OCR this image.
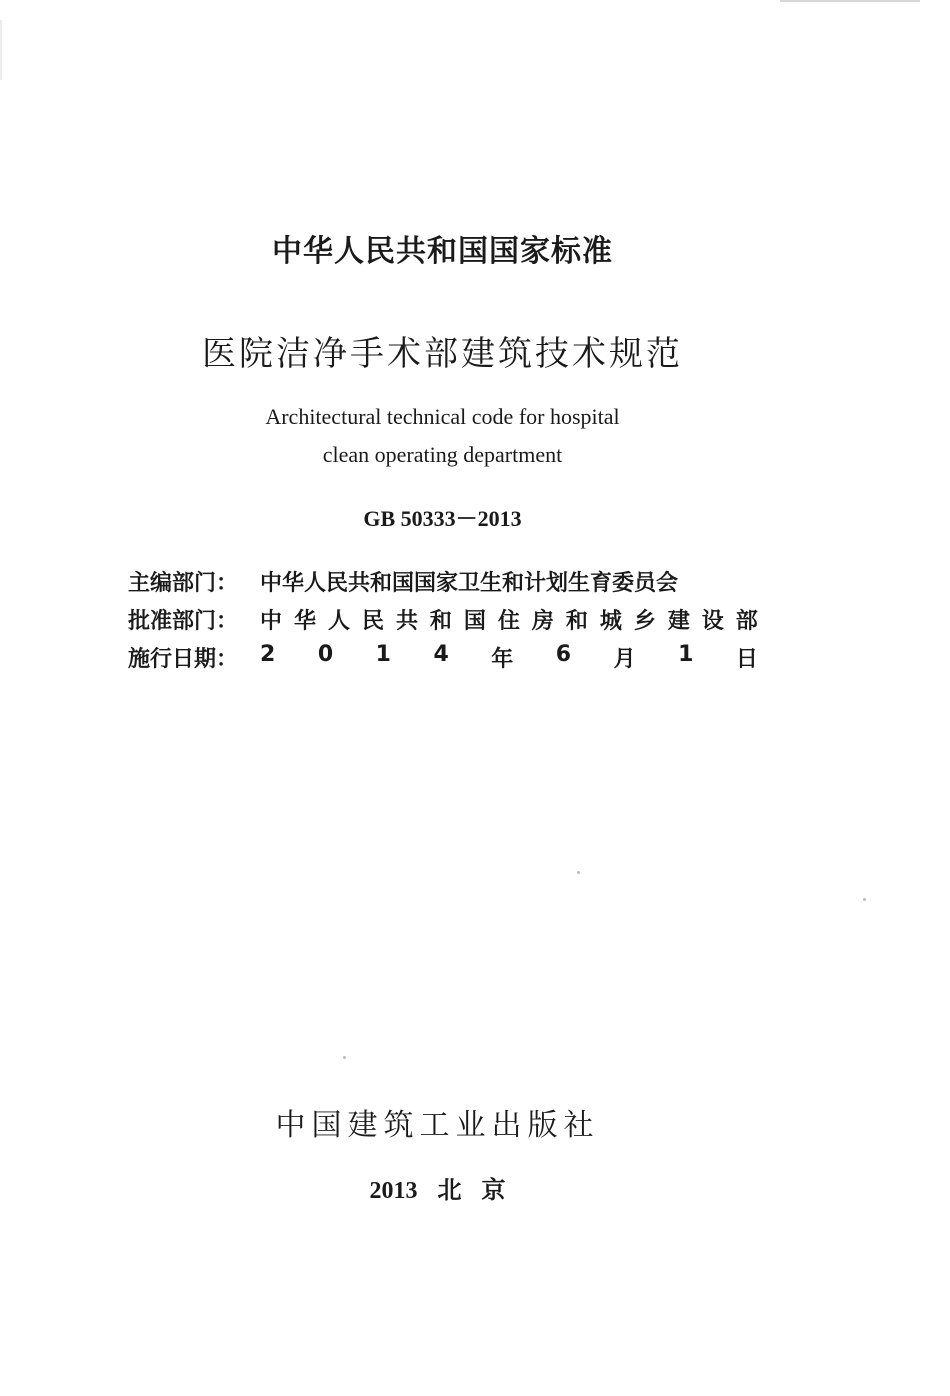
中华人民共和国国家标准
医院洁净手术部建筑技术规范
Architectural technical code for hospital
clean operating department
GB 50333－2013
主编部门： 中华人民共和国国家卫生和计划生育委员会
批准部门： 中 华 人 民 共 和 国 住 房 和 城 乡 建 设 部
施行日期： 2 0 1 4 年 6 月 1 日
中国建筑工业出版社
2013 北 京
